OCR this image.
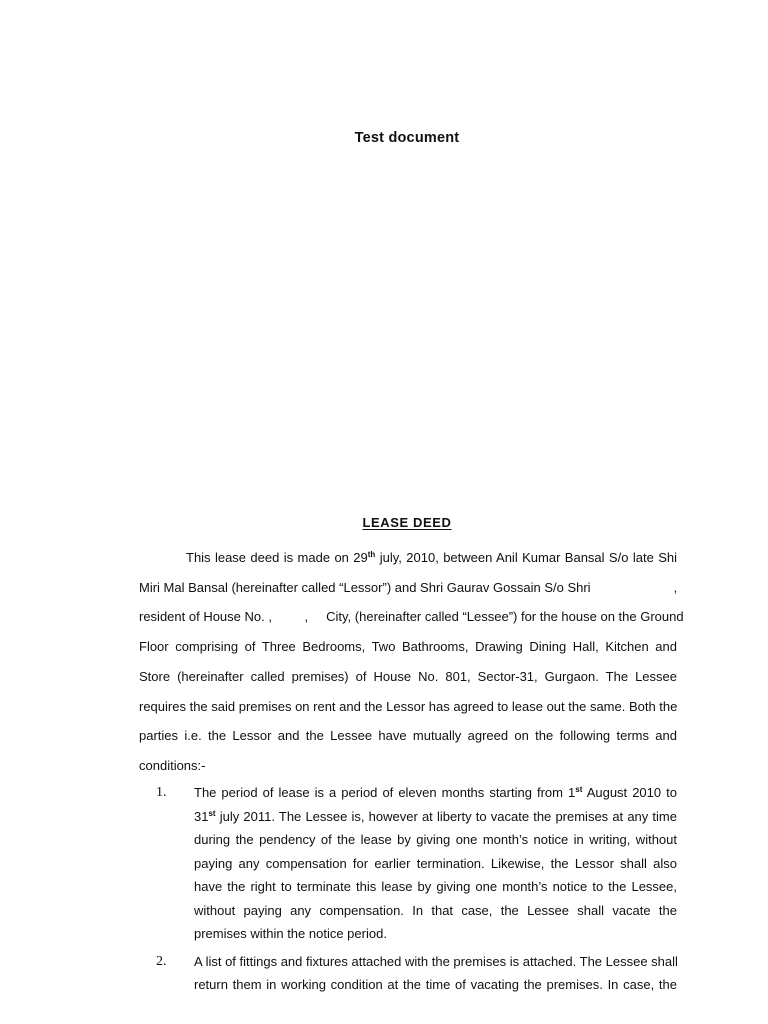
Test document
LEASE DEED
This lease deed is made on 29th july, 2010, between Anil Kumar Bansal S/o late Shi
Miri Mal Bansal (hereinafter called “Lessor”) and Shri Gaurav Gossain S/o Shri                       ,
resident of House No. ,         ,     City, (hereinafter called “Lessee”) for the house on the Ground
Floor comprising of Three Bedrooms, Two Bathrooms, Drawing Dining Hall, Kitchen and
Store (hereinafter called premises) of House No. 801, Sector-31, Gurgaon. The Lessee
requires the said premises on rent and the Lessor has agreed to lease out the same. Both the
parties i.e. the Lessor and the Lessee have mutually agreed on the following terms and
conditions:-
1. The period of lease is a period of eleven months starting from 1st August 2010 to
31st july 2011. The Lessee is, however at liberty to vacate the premises at any time
during the pendency of the lease by giving one month’s notice in writing, without
paying any compensation for earlier termination. Likewise, the Lessor shall also
have the right to terminate this lease by giving one month’s notice to the Lessee,
without paying any compensation. In that case, the Lessee shall vacate the
premises within the notice period.
2. A list of fittings and fixtures attached with the premises is attached. The Lessee shall
return them in working condition at the time of vacating the premises. In case, the
